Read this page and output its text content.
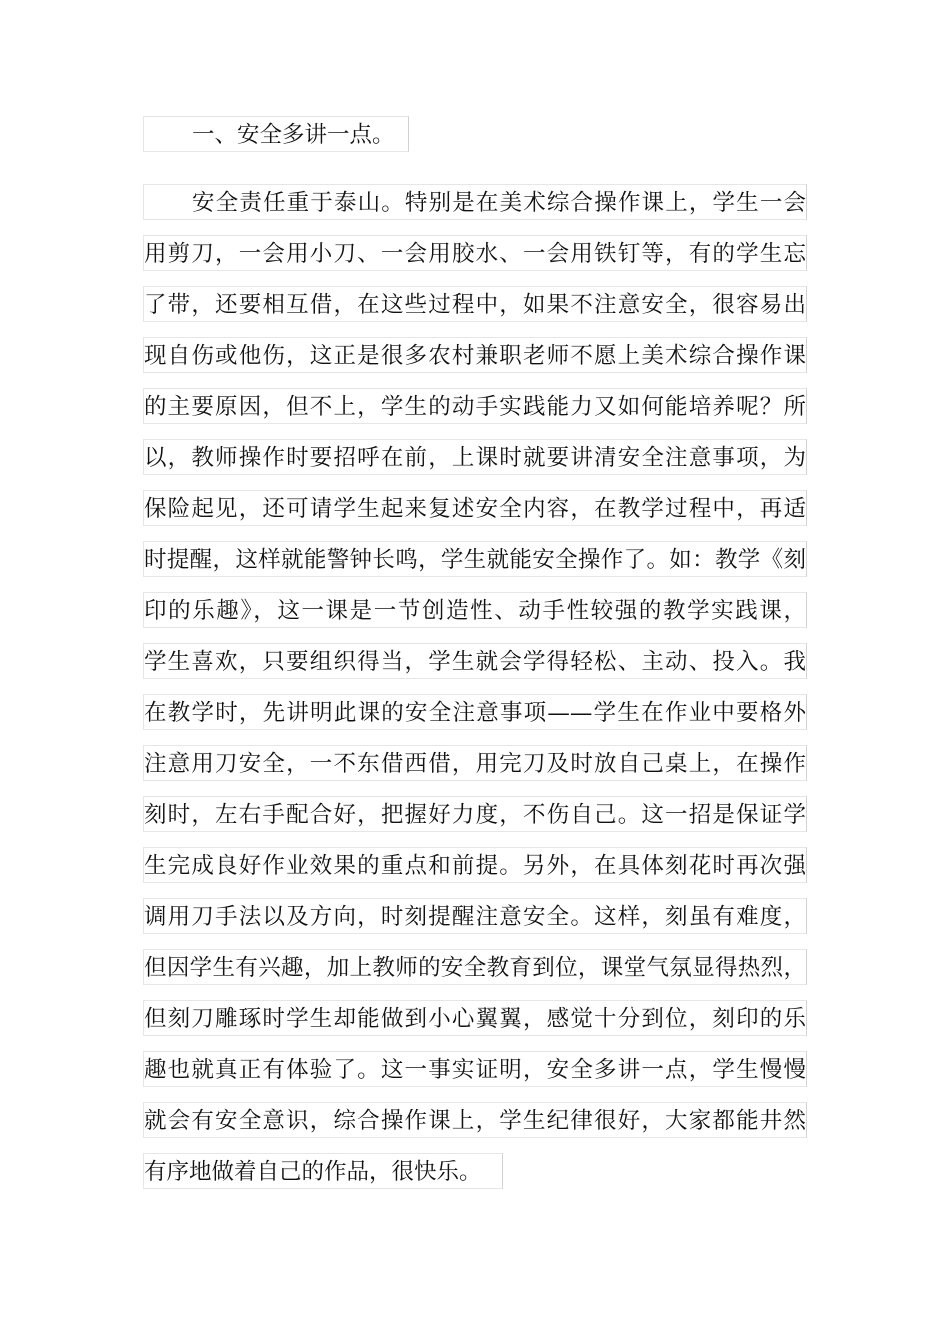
一、安全多讲一点。
安全责任重于泰山。特别是在美术综合操作课上，学生一会
用剪刀，一会用小刀、一会用胶水、一会用铁钉等，有的学生忘
了带，还要相互借，在这些过程中，如果不注意安全，很容易出
现自伤或他伤，这正是很多农村兼职老师不愿上美术综合操作课
的主要原因，但不上，学生的动手实践能力又如何能培养呢？所
以，教师操作时要招呼在前，上课时就要讲清安全注意事项，为
保险起见，还可请学生起来复述安全内容，在教学过程中，再适
时提醒，这样就能警钟长鸣，学生就能安全操作了。如：教学《刻
印的乐趣》，这一课是一节创造性、动手性较强的教学实践课，
学生喜欢，只要组织得当，学生就会学得轻松、主动、投入。我
在教学时，先讲明此课的安全注意事项——学生在作业中要格外
注意用刀安全，一不东借西借，用完刀及时放自己桌上，在操作
刻时，左右手配合好，把握好力度，不伤自己。这一招是保证学
生完成良好作业效果的重点和前提。另外，在具体刻花时再次强
调用刀手法以及方向，时刻提醒注意安全。这样，刻虽有难度，
但因学生有兴趣，加上教师的安全教育到位，课堂气氛显得热烈，
但刻刀雕琢时学生却能做到小心翼翼，感觉十分到位，刻印的乐
趣也就真正有体验了。这一事实证明，安全多讲一点，学生慢慢
就会有安全意识，综合操作课上，学生纪律很好，大家都能井然
有序地做着自己的作品，很快乐。
